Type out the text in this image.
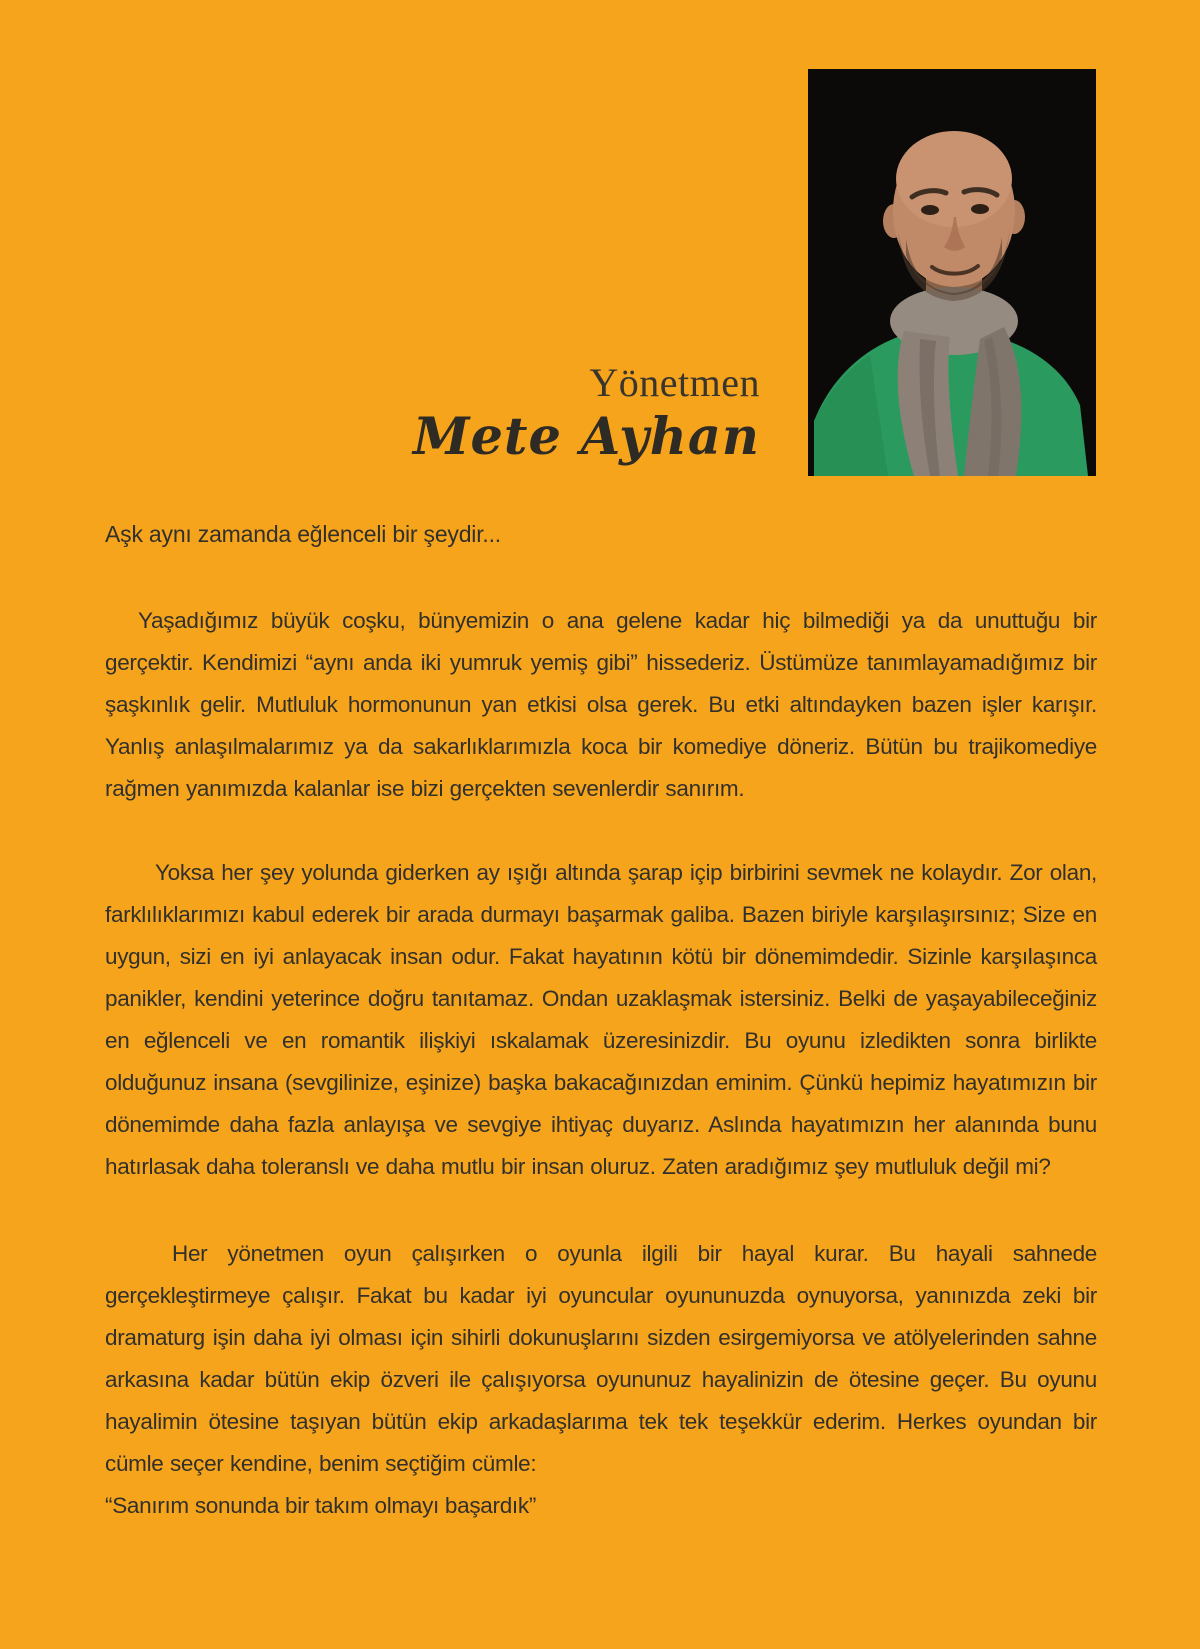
Yönetmen
Mete Ayhan

Aşk aynı zamanda eğlenceli bir şeydir...

Yaşadığımız büyük coşku, bünyemizin o ana gelene kadar hiç bilmediği ya da unuttuğu bir gerçektir. Kendimizi “aynı anda iki yumruk yemiş gibi” hissederiz. Üstümüze tanımlayamadığımız bir şaşkınlık gelir. Mutluluk hormonunun yan etkisi olsa gerek. Bu etki altındayken bazen işler karışır. Yanlış anlaşılmalarımız ya da sakarlıklarımızla koca bir komediye döneriz. Bütün bu trajikomediye rağmen yanımızda kalanlar ise bizi gerçekten sevenlerdir sanırım.

Yoksa her şey yolunda giderken ay ışığı altında şarap içip birbirini sevmek ne kolaydır. Zor olan, farklılıklarımızı kabul ederek bir arada durmayı başarmak galiba. Bazen biriyle karşılaşırsınız; Size en uygun, sizi en iyi anlayacak insan odur. Fakat hayatının kötü bir dönemimdedir. Sizinle karşılaşınca panikler, kendini yeterince doğru tanıtamaz. Ondan uzaklaşmak istersiniz. Belki de yaşayabileceğiniz en eğlenceli ve en romantik ilişkiyi ıskalamak üzeresinizdir. Bu oyunu izledikten sonra birlikte olduğunuz insana (sevgilinize, eşinize) başka bakacağınızdan eminim. Çünkü hepimiz hayatımızın bir dönemimde daha fazla anlayışa ve sevgiye ihtiyaç duyarız. Aslında hayatımızın her alanında bunu hatırlasak daha toleranslı ve daha mutlu bir insan oluruz. Zaten aradığımız şey mutluluk değil mi?

Her yönetmen oyun çalışırken o oyunla ilgili bir hayal kurar. Bu hayali sahnede gerçekleştirmeye çalışır. Fakat bu kadar iyi oyuncular oyununuzda oynuyorsa, yanınızda zeki bir dramaturg işin daha iyi olması için sihirli dokunuşlarını sizden esirgemiyorsa ve atölyelerinden sahne arkasına kadar bütün ekip özveri ile çalışıyorsa oyununuz hayalinizin de ötesine geçer. Bu oyunu hayalimin ötesine taşıyan bütün ekip arkadaşlarıma tek tek teşekkür ederim. Herkes oyundan bir cümle seçer kendine, benim seçtiğim cümle:

“Sanırım sonunda bir takım olmayı başardık”
